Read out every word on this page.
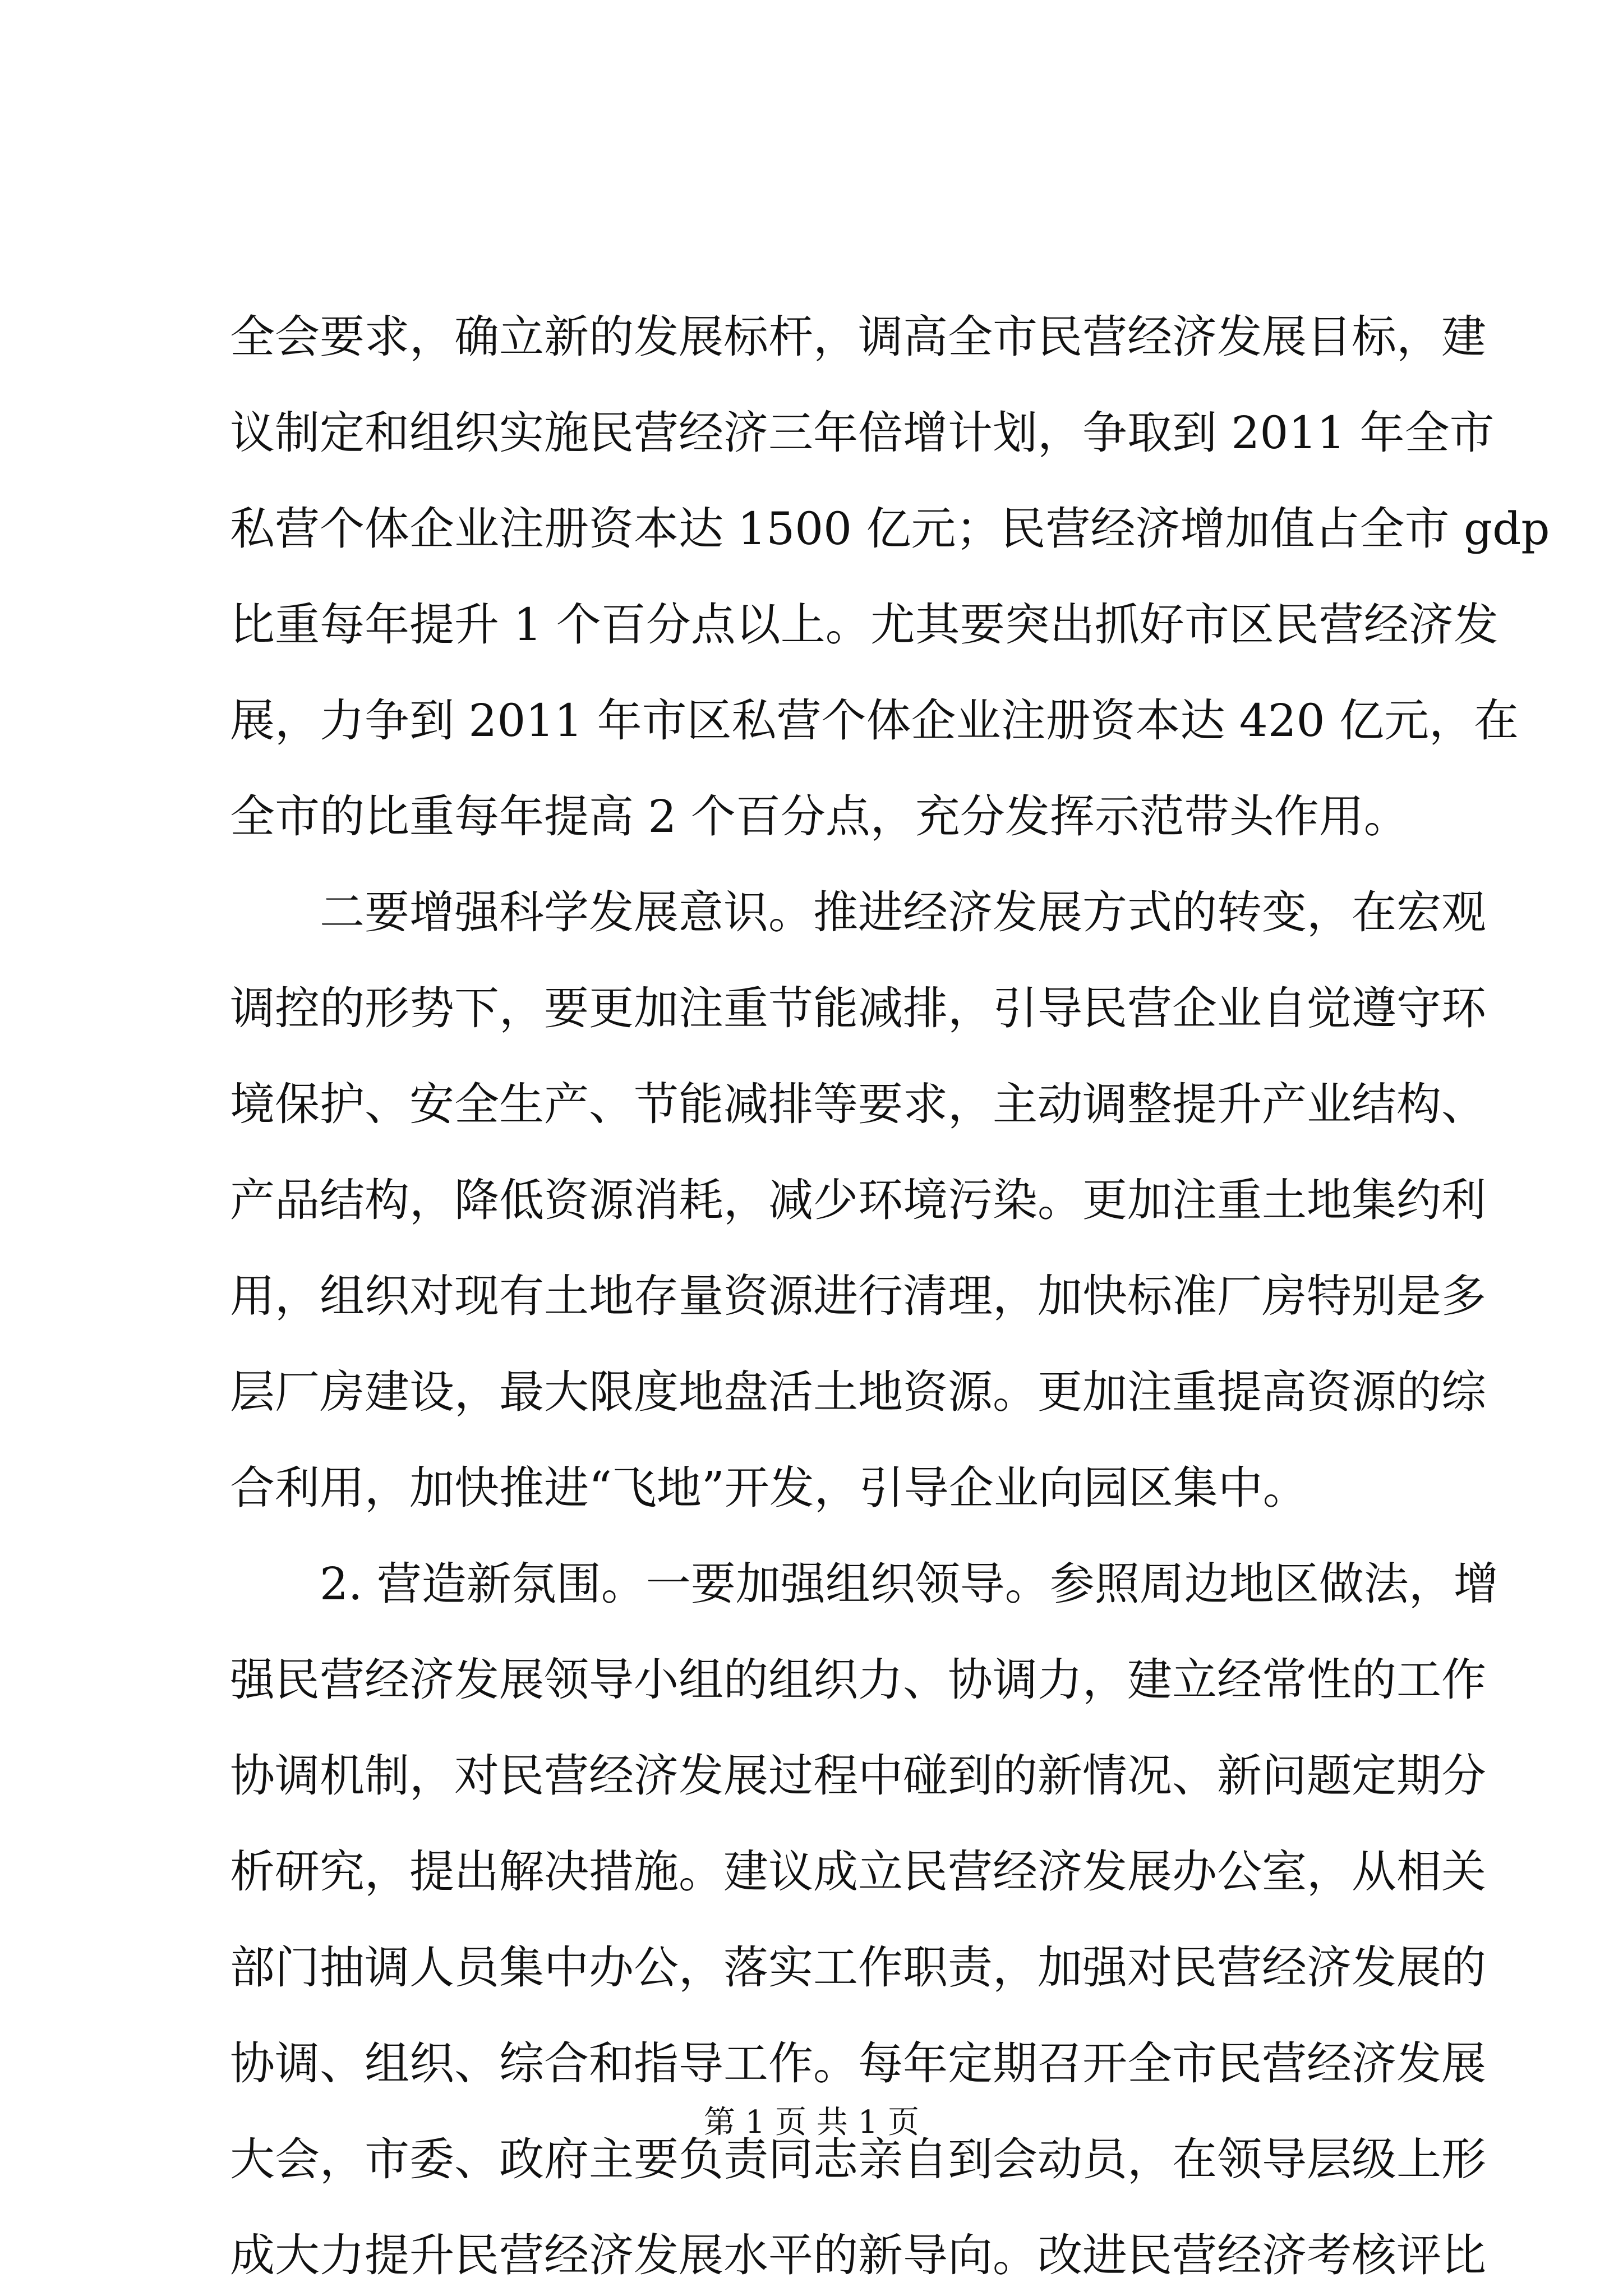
全会要求，确立新的发展标杆，调高全市民营经济发展目标，建
议制定和组织实施民营经济三年倍增计划，争取到 2011 年全市
私营个体企业注册资本达 1500 亿元；民营经济增加值占全市 gdp
比重每年提升 1 个百分点以上。尤其要突出抓好市区民营经济发
展，力争到 2011 年市区私营个体企业注册资本达 420 亿元，在
全市的比重每年提高 2 个百分点，充分发挥示范带头作用。
二要增强科学发展意识。推进经济发展方式的转变，在宏观
调控的形势下，要更加注重节能减排，引导民营企业自觉遵守环
境保护、安全生产、节能减排等要求，主动调整提升产业结构、
产品结构，降低资源消耗，减少环境污染。更加注重土地集约利
用，组织对现有土地存量资源进行清理，加快标准厂房特别是多
层厂房建设，最大限度地盘活土地资源。更加注重提高资源的综
合利用，加快推进“飞地”开发，引导企业向园区集中。
2. 营造新氛围。一要加强组织领导。参照周边地区做法，增
强民营经济发展领导小组的组织力、协调力，建立经常性的工作
协调机制，对民营经济发展过程中碰到的新情况、新问题定期分
析研究，提出解决措施。建议成立民营经济发展办公室，从相关
部门抽调人员集中办公，落实工作职责，加强对民营经济发展的
协调、组织、综合和指导工作。每年定期召开全市民营经济发展
大会，市委、政府主要负责同志亲自到会动员，在领导层级上形
成大力提升民营经济发展水平的新导向。改进民营经济考核评比
第 1 页 共 1 页
